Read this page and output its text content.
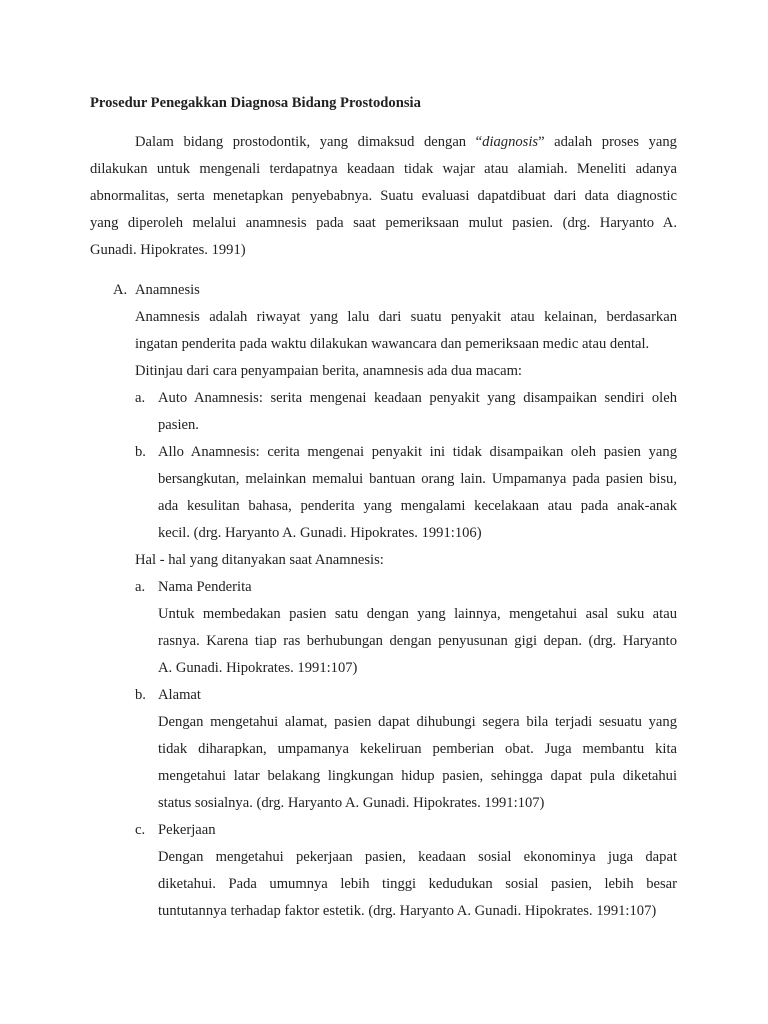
Prosedur Penegakkan Diagnosa Bidang Prostodonsia
Dalam bidang prostodontik, yang dimaksud dengan “diagnosis” adalah proses yang
dilakukan untuk mengenali terdapatnya keadaan tidak wajar atau alamiah. Meneliti adanya
abnormalitas, serta menetapkan penyebabnya. Suatu evaluasi dapatdibuat dari data diagnostic
yang diperoleh melalui anamnesis pada saat pemeriksaan mulut pasien. (drg. Haryanto A.
Gunadi. Hipokrates. 1991)
A. Anamnesis
Anamnesis adalah riwayat yang lalu dari suatu penyakit atau kelainan, berdasarkan
ingatan penderita pada waktu dilakukan wawancara dan pemeriksaan medic atau dental.
Ditinjau dari cara penyampaian berita, anamnesis ada dua macam:
a. Auto Anamnesis: serita mengenai keadaan penyakit yang disampaikan sendiri oleh
pasien.
b. Allo Anamnesis: cerita mengenai penyakit ini tidak disampaikan oleh pasien yang
bersangkutan, melainkan memalui bantuan orang lain. Umpamanya pada pasien bisu,
ada kesulitan bahasa, penderita yang mengalami kecelakaan atau pada anak-anak
kecil. (drg. Haryanto A. Gunadi. Hipokrates. 1991:106)
Hal - hal yang ditanyakan saat Anamnesis:
a. Nama Penderita
Untuk membedakan pasien satu dengan yang lainnya, mengetahui asal suku atau
rasnya. Karena tiap ras berhubungan dengan penyusunan gigi depan. (drg. Haryanto
A. Gunadi. Hipokrates. 1991:107)
b. Alamat
Dengan mengetahui alamat, pasien dapat dihubungi segera bila terjadi sesuatu yang
tidak diharapkan, umpamanya kekeliruan pemberian obat. Juga membantu kita
mengetahui latar belakang lingkungan hidup pasien, sehingga dapat pula diketahui
status sosialnya. (drg. Haryanto A. Gunadi. Hipokrates. 1991:107)
c. Pekerjaan
Dengan mengetahui pekerjaan pasien, keadaan sosial ekonominya juga dapat
diketahui. Pada umumnya lebih tinggi kedudukan sosial pasien, lebih besar
tuntutannya terhadap faktor estetik. (drg. Haryanto A. Gunadi. Hipokrates. 1991:107)
